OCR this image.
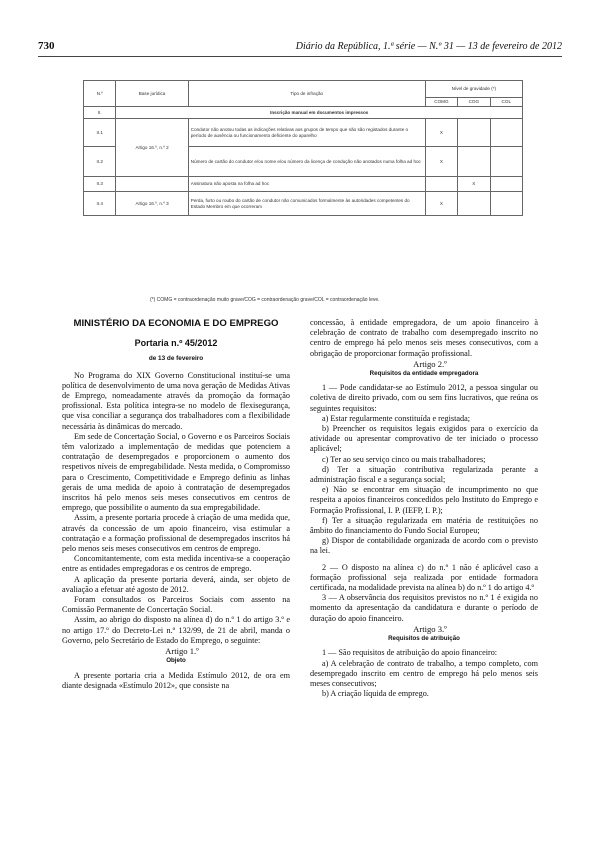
730	Diário da República, 1.ª série — N.º 31 — 13 de fevereiro de 2012
N.º	Base jurídica	Tipo de infração	Nível de gravidade (*)		
			COMG	COG	COL
II.	Inscrição manual em documentos impressos				
II.1	Artigo 16.º, n.º 2	Condutor não anotou todas as indicações relativas aos grupos de tempo que não são registados durante o período de ausência ou funcionamento deficiente do aparelho	X		
II.2		Número de cartão do condutor e/ou nome e/ou número da licença de condução não anotados numa folha ad hoc	X		
II.3		Assinatura não aposta na folha ad hoc		X	
II.4	Artigo 16.º, n.º 3	Perda, furto ou roubo do cartão de condutor não comunicados formalmente às autoridades competentes do Estado Membro em que ocorreram	X		
(*) COMG = contraordenação muito grave/COG = contraordenação grave/COL = contraordenação leve.
MINISTÉRIO DA ECONOMIA E DO EMPREGO
Portaria n.º 45/2012
de 13 de fevereiro

No Programa do XIX Governo Constitucional instituí-se uma política de desenvolvimento de uma nova geração de Medidas Ativas de Emprego, nomeadamente através da promoção da formação profissional. Esta política integra-se no modelo de flexisegurança, que visa conciliar a segurança dos trabalhadores com a flexibilidade necessária às dinâmicas do mercado.

Em sede de Concertação Social, o Governo e os Parceiros Sociais têm valorizado a implementação de medidas que potenciem a contratação de desempregados e proporcionem o aumento dos respetivos níveis de empregabilidade. Nesta medida, o Compromisso para o Crescimento, Competitividade e Emprego definiu as linhas gerais de uma medida de apoio à contratação de desempregados inscritos há pelo menos seis meses consecutivos em centros de emprego, que possibilite o aumento da sua empregabilidade.

Assim, a presente portaria procede à criação de uma medida que, através da concessão de um apoio financeiro, visa estimular a contratação e a formação profissional de desempregados inscritos há pelo menos seis meses consecutivos em centros de emprego.

Concomitantemente, com esta medida incentiva-se a cooperação entre as entidades empregadoras e os centros de emprego.

A aplicação da presente portaria deverá, ainda, ser objeto de avaliação a efetuar até agosto de 2012.

Foram consultados os Parceiros Sociais com assento na Comissão Permanente de Concertação Social.

Assim, ao abrigo do disposto na alínea d) do n.º 1 do artigo 3.º e no artigo 17.º do Decreto-Lei n.º 132/99, de 21 de abril, manda o Governo, pelo Secretário de Estado do Emprego, o seguinte:

Artigo 1.º

Objeto

A presente portaria cria a Medida Estímulo 2012, de ora em diante designada «Estímulo 2012», que consiste na

concessão, à entidade empregadora, de um apoio financeiro à celebração de contrato de trabalho com desempregado inscrito no centro de emprego há pelo menos seis meses consecutivos, com a obrigação de proporcionar formação profissional.

Artigo 2.º

Requisitos da entidade empregadora

1 — Pode candidatar-se ao Estímulo 2012, a pessoa singular ou coletiva de direito privado, com ou sem fins lucrativos, que reúna os seguintes requisitos:

a) Estar regularmente constituída e registada;

b) Preencher os requisitos legais exigidos para o exercício da atividade ou apresentar comprovativo de ter iniciado o processo aplicável;

c) Ter ao seu serviço cinco ou mais trabalhadores;

d) Ter a situação contributiva regularizada perante a administração fiscal e a segurança social;

e) Não se encontrar em situação de incumprimento no que respeita a apoios financeiros concedidos pelo Instituto do Emprego e Formação Profissional, I. P. (IEFP, I. P.);

f) Ter a situação regularizada em matéria de restituições no âmbito do financiamento do Fundo Social Europeu;

g) Dispor de contabilidade organizada de acordo com o previsto na lei.

2 — O disposto na alínea c) do n.º 1 não é aplicável caso a formação profissional seja realizada por entidade formadora certificada, na modalidade prevista na alínea b) do n.º 1 do artigo 4.º

3 — A observância dos requisitos previstos no n.º 1 é exigida no momento da apresentação da candidatura e durante o período de duração do apoio financeiro.

Artigo 3.º

Requisitos de atribuição

1 — São requisitos de atribuição do apoio financeiro:

a) A celebração de contrato de trabalho, a tempo completo, com desempregado inscrito em centro de emprego há pelo menos seis meses consecutivos;

b) A criação líquida de emprego.
